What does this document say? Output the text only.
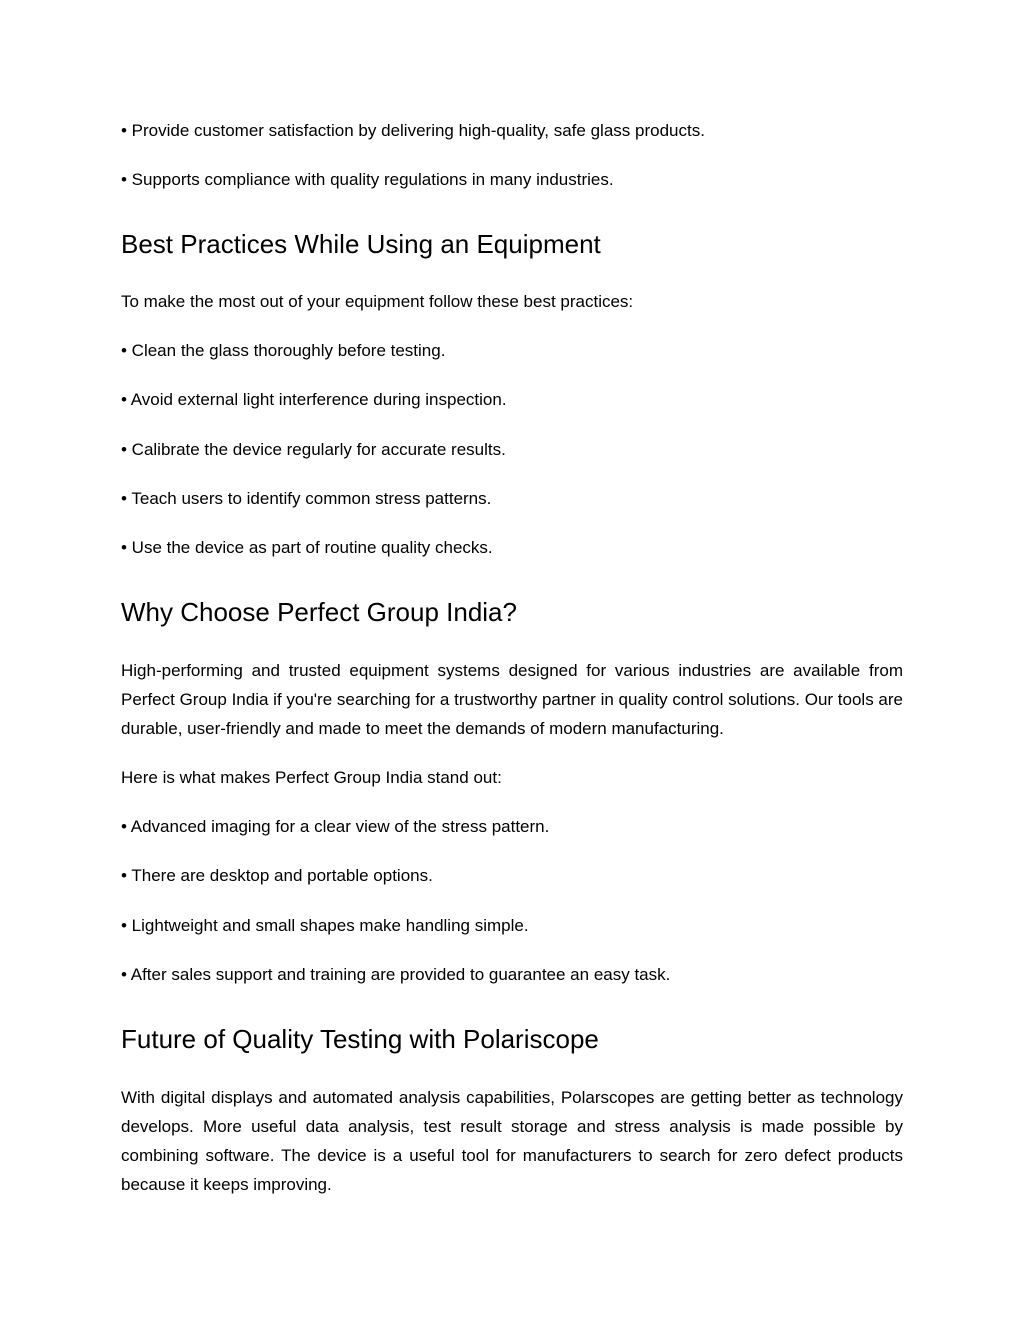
• Provide customer satisfaction by delivering high-quality, safe glass products.
• Supports compliance with quality regulations in many industries.
Best Practices While Using an Equipment
To make the most out of your equipment follow these best practices:
• Clean the glass thoroughly before testing.
• Avoid external light interference during inspection.
• Calibrate the device regularly for accurate results.
• Teach users to identify common stress patterns.
• Use the device as part of routine quality checks.
Why Choose Perfect Group India?

High-performing and trusted equipment systems designed for various industries are available from Perfect Group India if you're searching for a trustworthy partner in quality control solutions. Our tools are durable, user-friendly and made to meet the demands of modern manufacturing.

Here is what makes Perfect Group India stand out:
• Advanced imaging for a clear view of the stress pattern.
• There are desktop and portable options.
• Lightweight and small shapes make handling simple.
• After sales support and training are provided to guarantee an easy task.
Future of Quality Testing with Polariscope

With digital displays and automated analysis capabilities, Polarscopes are getting better as technology develops. More useful data analysis, test result storage and stress analysis is made possible by combining software. The device is a useful tool for manufacturers to search for zero defect products because it keeps improving.
